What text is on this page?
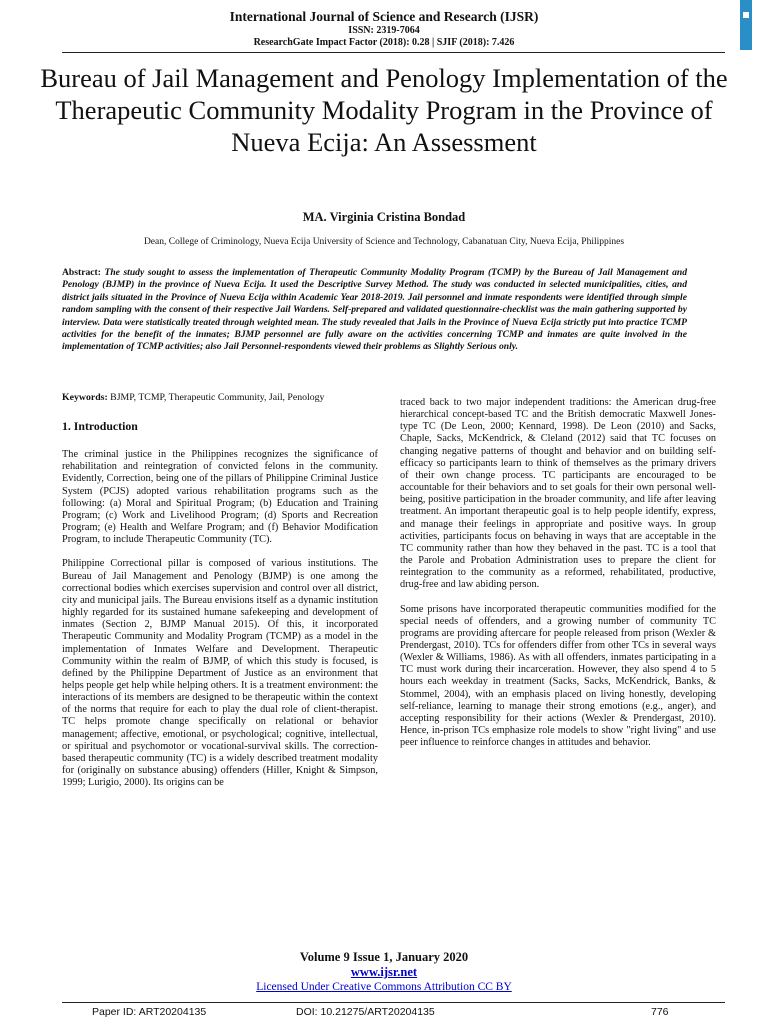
International Journal of Science and Research (IJSR)
ISSN: 2319-7064
ResearchGate Impact Factor (2018): 0.28 | SJIF (2018): 7.426
Bureau of Jail Management and Penology Implementation of the Therapeutic Community Modality Program in the Province of Nueva Ecija: An Assessment
MA. Virginia Cristina Bondad
Dean, College of Criminology, Nueva Ecija University of Science and Technology, Cabanatuan City, Nueva Ecija, Philippines
Abstract: The study sought to assess the implementation of Therapeutic Community Modality Program (TCMP) by the Bureau of Jail Management and Penology (BJMP) in the province of Nueva Ecija. It used the Descriptive Survey Method. The study was conducted in selected municipalities, cities, and district jails situated in the Province of Nueva Ecija within Academic Year 2018-2019. Jail personnel and inmate respondents were identified through simple random sampling with the consent of their respective Jail Wardens. Self-prepared and validated questionnaire-checklist was the main gathering supported by interview. Data were statistically treated through weighted mean. The study revealed that Jails in the Province of Nueva Ecija strictly put into practice TCMP activities for the benefit of the inmates; BJMP personnel are fully aware on the activities concerning TCMP and inmates are quite involved in the implementation of TCMP activities; also Jail Personnel-respondents viewed their problems as Slightly Serious only.
Keywords: BJMP, TCMP, Therapeutic Community, Jail, Penology
1. Introduction

The criminal justice in the Philippines recognizes the significance of rehabilitation and reintegration of convicted felons in the community. Evidently, Correction, being one of the pillars of Philippine Criminal Justice System (PCJS) adopted various rehabilitation programs such as the following: (a) Moral and Spiritual Program; (b) Education and Training Program; (c) Work and Livelihood Program; (d) Sports and Recreation Program; (e) Health and Welfare Program; and (f) Behavior Modification Program, to include Therapeutic Community (TC).

Philippine Correctional pillar is composed of various institutions. The Bureau of Jail Management and Penology (BJMP) is one among the correctional bodies which exercises supervision and control over all district, city and municipal jails. The Bureau envisions itself as a dynamic institution highly regarded for its sustained humane safekeeping and development of inmates (Section 2, BJMP Manual 2015). Of this, it incorporated Therapeutic Community and Modality Program (TCMP) as a model in the implementation of Inmates Welfare and Development. Therapeutic Community within the realm of BJMP, of which this study is focused, is defined by the Philippine Department of Justice as an environment that helps people get help while helping others. It is a treatment environment: the interactions of its members are designed to be therapeutic within the context of the norms that require for each to play the dual role of client-therapist. TC helps promote change specifically on relational or behavior management; affective, emotional, or psychological; cognitive, intellectual, or spiritual and psychomotor or vocational-survival skills. The correction-based therapeutic community (TC) is a widely described treatment modality for (originally on substance abusing) offenders (Hiller, Knight & Simpson, 1999; Lurigio, 2000). Its origins can be

traced back to two major independent traditions: the American drug-free hierarchical concept-based TC and the British democratic Maxwell Jones-type TC (De Leon, 2000; Kennard, 1998). De Leon (2010) and Sacks, Chaple, Sacks, McKendrick, & Cleland (2012) said that TC focuses on changing negative patterns of thought and behavior and on building self-efficacy so participants learn to think of themselves as the primary drivers of their own change process. TC participants are encouraged to be accountable for their behaviors and to set goals for their own personal well-being, positive participation in the broader community, and life after leaving treatment. An important therapeutic goal is to help people identify, express, and manage their feelings in appropriate and positive ways. In group activities, participants focus on behaving in ways that are acceptable in the TC community rather than how they behaved in the past. TC is a tool that the Parole and Probation Administration uses to prepare the client for reintegration to the community as a reformed, rehabilitated, productive, drug-free and law abiding person.

Some prisons have incorporated therapeutic communities modified for the special needs of offenders, and a growing number of community TC programs are providing aftercare for people released from prison (Wexler & Prendergast, 2010). TCs for offenders differ from other TCs in several ways (Wexler & Williams, 1986). As with all offenders, inmates participating in a TC must work during their incarceration. However, they also spend 4 to 5 hours each weekday in treatment (Sacks, Sacks, McKendrick, Banks, & Stommel, 2004), with an emphasis placed on living honestly, developing self-reliance, learning to manage their strong emotions (e.g., anger), and accepting responsibility for their actions (Wexler & Prendergast, 2010). Hence, in-prison TCs emphasize role models to show "right living" and use peer influence to reinforce changes in attitudes and behavior.

Volume 9 Issue 1, January 2020
www.ijsr.net
Licensed Under Creative Commons Attribution CC BY
Paper ID: ART20204135	DOI: 10.21275/ART20204135	776
